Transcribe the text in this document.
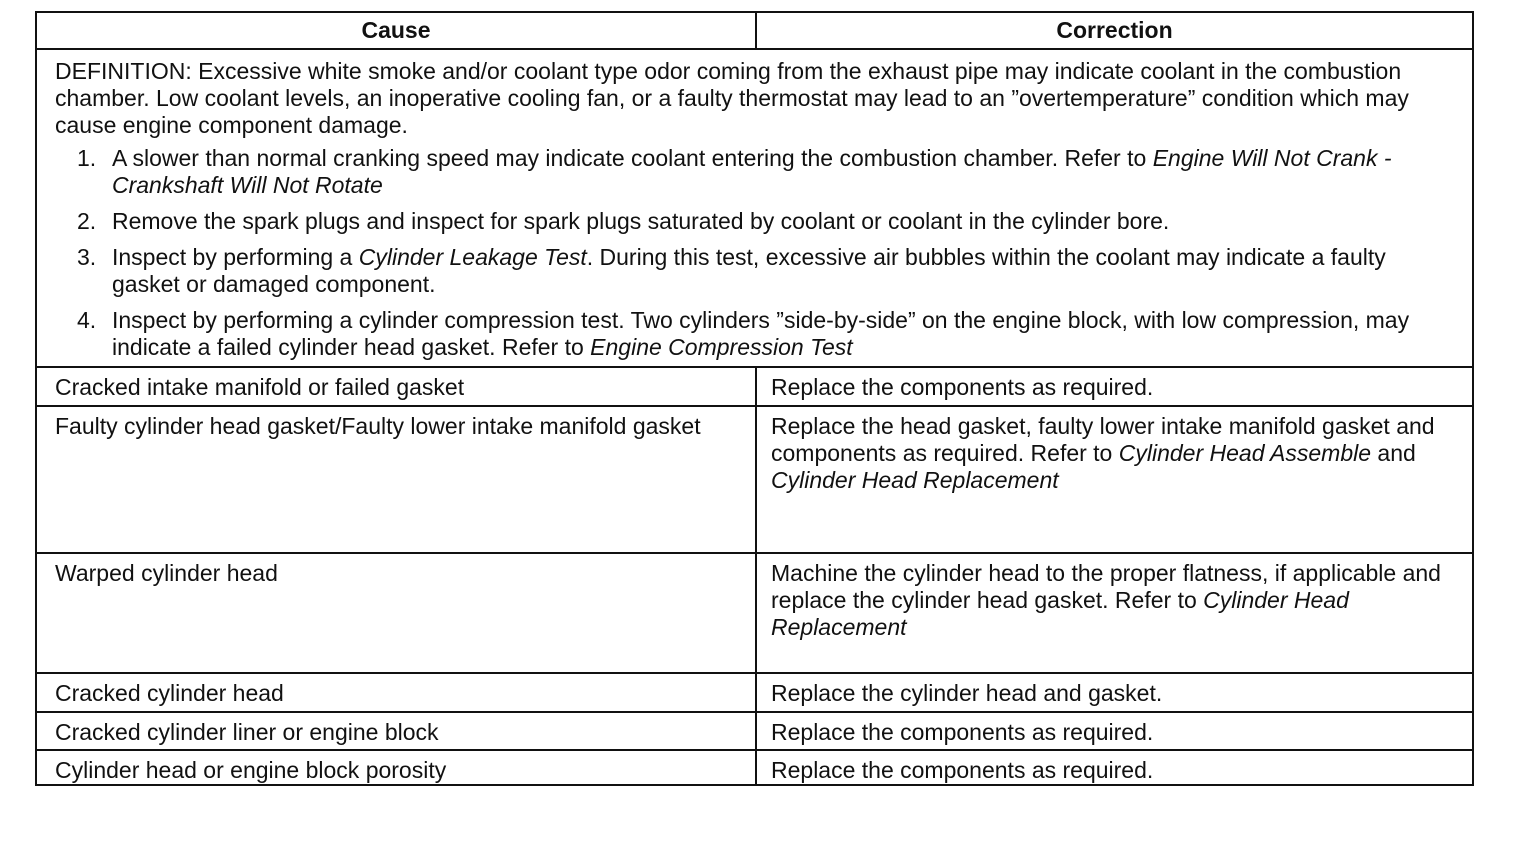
Cause	Correction

DEFINITION: Excessive white smoke and/or coolant type odor coming from the exhaust pipe may indicate coolant in the combustion chamber. Low coolant levels, an inoperative cooling fan, or a faulty thermostat may lead to an ”overtemperature” condition which may cause engine component damage.

1. A slower than normal cranking speed may indicate coolant entering the combustion chamber. Refer to Engine Will Not Crank - Crankshaft Will Not Rotate
2. Remove the spark plugs and inspect for spark plugs saturated by coolant or coolant in the cylinder bore.
3. Inspect by performing a Cylinder Leakage Test. During this test, excessive air bubbles within the coolant may indicate a faulty gasket or damaged component.
4. Inspect by performing a cylinder compression test. Two cylinders ”side-by-side” on the engine block, with low compression, may indicate a failed cylinder head gasket. Refer to Engine Compression Test
Cracked intake manifold or failed gasket	Replace the components as required.
Faulty cylinder head gasket/Faulty lower intake manifold gasket	Replace the head gasket, faulty lower intake manifold gasket and components as required. Refer to Cylinder Head Assemble and Cylinder Head Replacement
Warped cylinder head	Machine the cylinder head to the proper flatness, if applicable and replace the cylinder head gasket. Refer to Cylinder Head Replacement
Cracked cylinder head	Replace the cylinder head and gasket.
Cracked cylinder liner or engine block	Replace the components as required.
Cylinder head or engine block porosity	Replace the components as required.
